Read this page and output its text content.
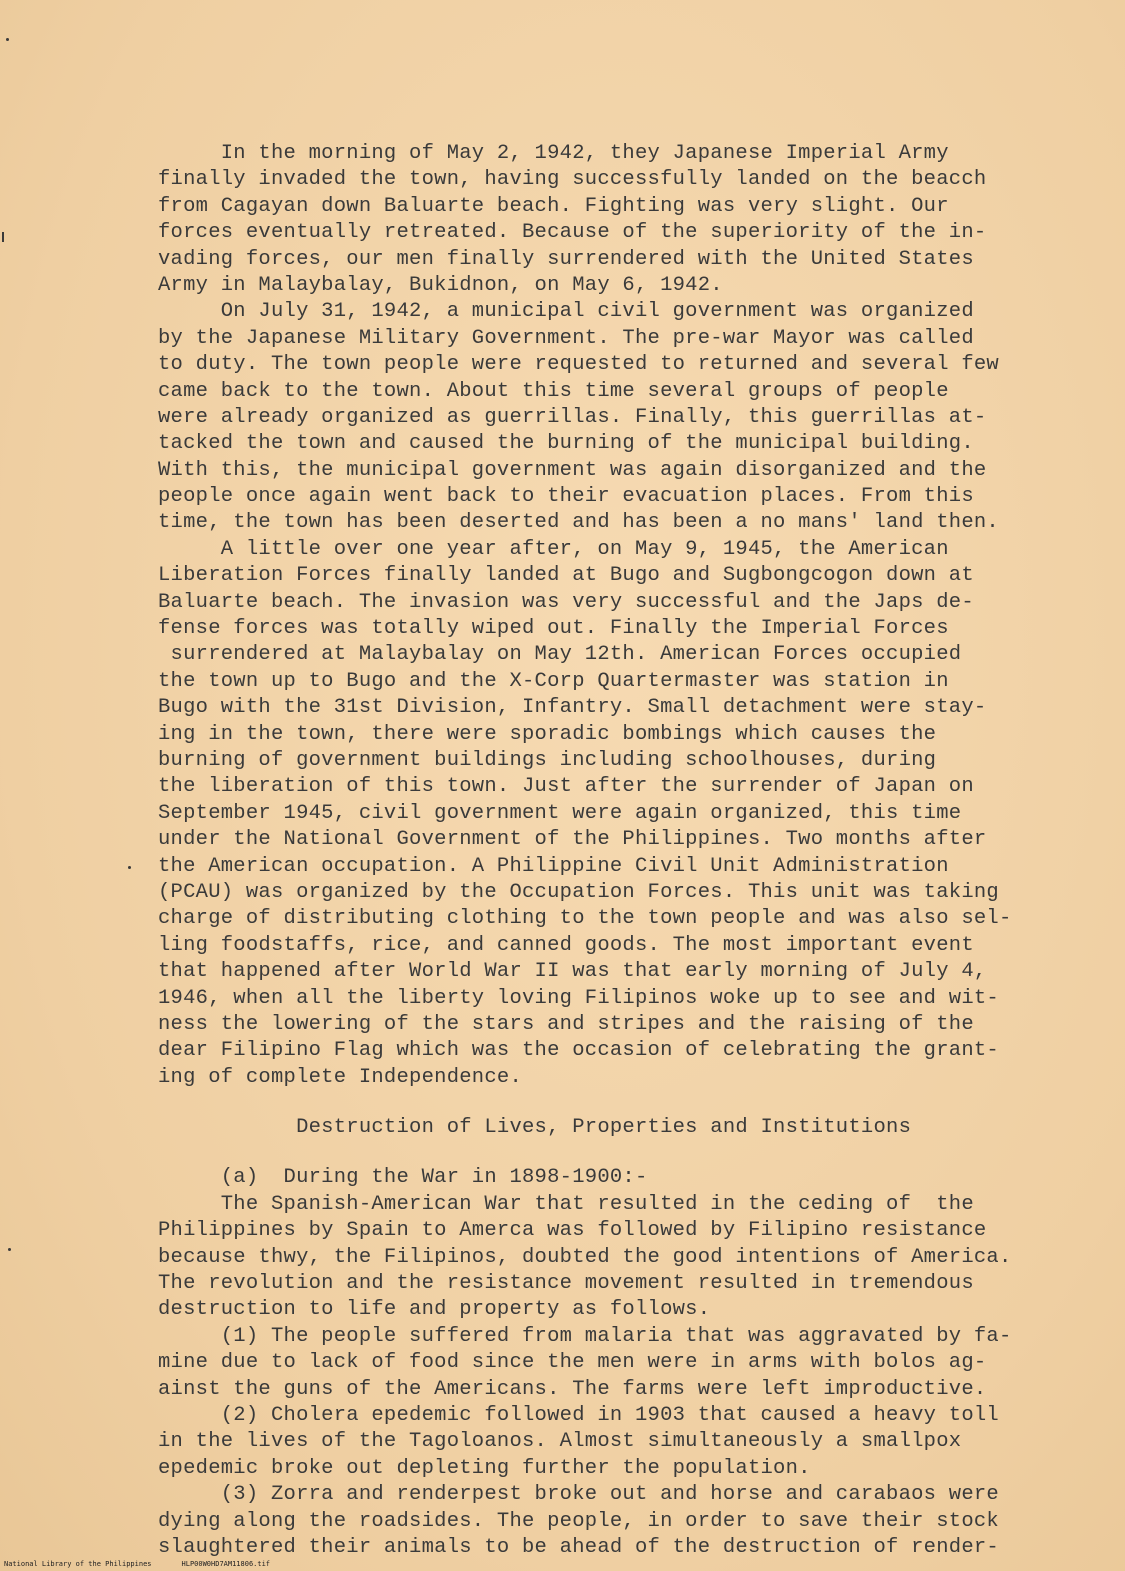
In the morning of May 2, 1942, they Japanese Imperial Army
finally invaded the town, having successfully landed on the beacch
from Cagayan down Baluarte beach. Fighting was very slight. Our
forces eventually retreated. Because of the superiority of the in-
vading forces, our men finally surrendered with the United States
Army in Malaybalay, Bukidnon, on May 6, 1942.
On July 31, 1942, a municipal civil government was organized
by the Japanese Military Government. The pre-war Mayor was called
to duty. The town people were requested to returned and several few
came back to the town. About this time several groups of people
were already organized as guerrillas. Finally, this guerrillas at-
tacked the town and caused the burning of the municipal building.
With this, the municipal government was again disorganized and the
people once again went back to their evacuation places. From this
time, the town has been deserted and has been a no mans' land then.
A little over one year after, on May 9, 1945, the American
Liberation Forces finally landed at Bugo and Sugbongcogon down at
Baluarte beach. The invasion was very successful and the Japs de-
fense forces was totally wiped out. Finally the Imperial Forces
surrendered at Malaybalay on May 12th. American Forces occupied
the town up to Bugo and the X-Corp Quartermaster was station in
Bugo with the 31st Division, Infantry. Small detachment were stay-
ing in the town, there were sporadic bombings which causes the
burning of government buildings including schoolhouses, during
the liberation of this town. Just after the surrender of Japan on
September 1945, civil government were again organized, this time
under the National Government of the Philippines. Two months after
the American occupation. A Philippine Civil Unit Administration
(PCAU) was organized by the Occupation Forces. This unit was taking
charge of distributing clothing to the town people and was also sel-
ling foodstaffs, rice, and canned goods. The most important event
that happened after World War II was that early morning of July 4,
1946, when all the liberty loving Filipinos woke up to see and wit-
ness the lowering of the stars and stripes and the raising of the
dear Filipino Flag which was the occasion of celebrating the grant-
ing of complete Independence.
Destruction of Lives, Properties and Institutions
(a)  During the War in 1898-1900:-
The Spanish-American War that resulted in the ceding of  the
Philippines by Spain to Amerca was followed by Filipino resistance
because thwy, the Filipinos, doubted the good intentions of America.
The revolution and the resistance movement resulted in tremendous
destruction to life and property as follows.
(1) The people suffered from malaria that was aggravated by fa-
mine due to lack of food since the men were in arms with bolos ag-
ainst the guns of the Americans. The farms were left improductive.
(2) Cholera epedemic followed in 1903 that caused a heavy toll
in the lives of the Tagoloanos. Almost simultaneously a smallpox
epedemic broke out depleting further the population.
(3) Zorra and renderpest broke out and horse and carabaos were
dying along the roadsides. The people, in order to save their stock
slaughtered their animals to be ahead of the destruction of render-
National Library of the Philippines	HLP00W0HD7AM11806.tif
